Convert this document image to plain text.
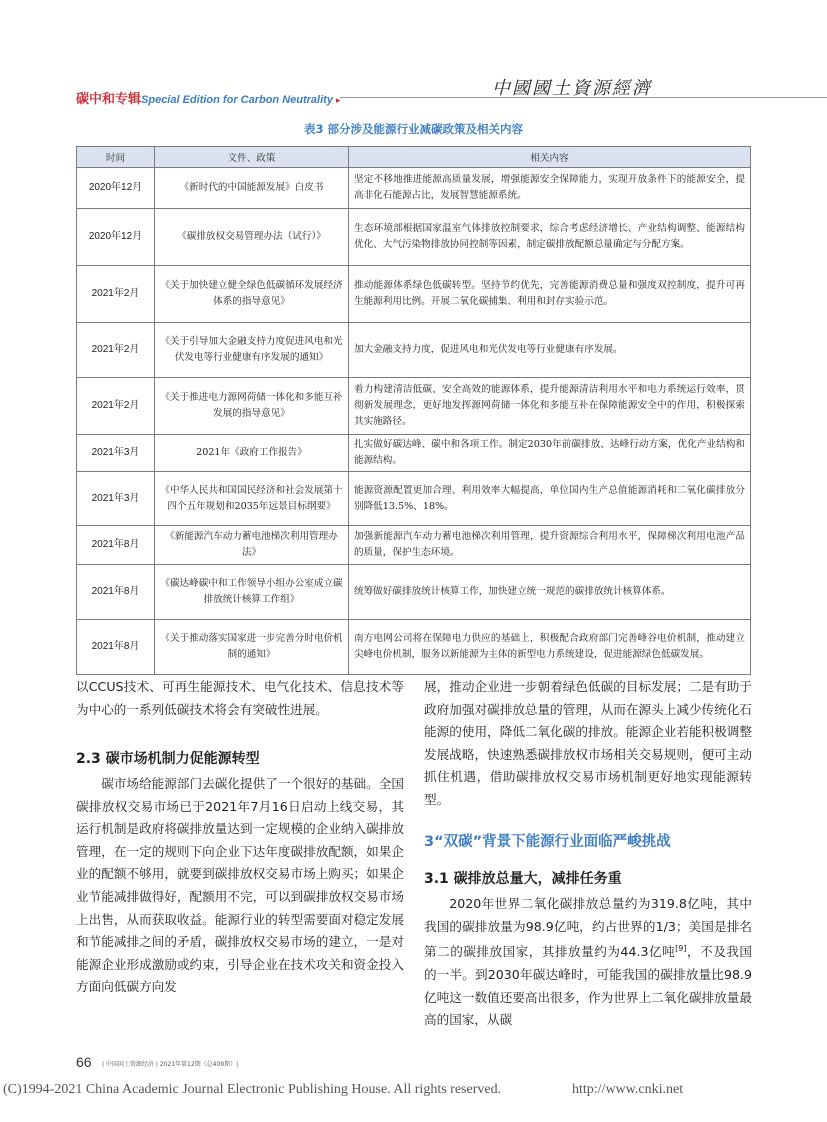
碳中和专辑Special Edition for Carbon Neutrality ▸
中國國土資源經濟
表3 部分涉及能源行业减碳政策及相关内容
时间	文件、政策	相关内容
2020年12月	《新时代的中国能源发展》白皮书	坚定不移地推进能源高质量发展，增强能源安全保障能力，实现开放条件下的能源安全，提高非化石能源占比，发展智慧能源系统。
2020年12月	《碳排放权交易管理办法（试行）》	生态环境部根据国家温室气体排放控制要求，综合考虑经济增长、产业结构调整、能源结构优化、大气污染物排放协同控制等因素，制定碳排放配额总量确定与分配方案。
2021年2月	《关于加快建立健全绿色低碳循环发展经济体系的指导意见》	推动能源体系绿色低碳转型。坚持节约优先，完善能源消费总量和强度双控制度，提升可再生能源利用比例。开展二氧化碳捕集、利用和封存实验示范。
2021年2月	《关于引导加大金融支持力度促进风电和光伏发电等行业健康有序发展的通知》	加大金融支持力度，促进风电和光伏发电等行业健康有序发展。
2021年2月	《关于推进电力源网荷储一体化和多能互补发展的指导意见》	着力构建清洁低碳、安全高效的能源体系，提升能源清洁利用水平和电力系统运行效率，贯彻新发展理念，更好地发挥源网荷储一体化和多能互补在保障能源安全中的作用，积极探索其实施路径。
2021年3月	2021年《政府工作报告》	扎实做好碳达峰、碳中和各项工作。制定2030年前碳排放、达峰行动方案，优化产业结构和能源结构。
2021年3月	《中华人民共和国国民经济和社会发展第十四个五年规划和2035年远景目标纲要》	能源资源配置更加合理、利用效率大幅提高，单位国内生产总值能源消耗和二氧化碳排放分别降低13.5%、18%。
2021年8月	《新能源汽车动力蓄电池梯次利用管理办法》	加强新能源汽车动力蓄电池梯次利用管理，提升资源综合利用水平，保障梯次利用电池产品的质量，保护生态环境。
2021年8月	《碳达峰碳中和工作领导小组办公室成立碳排放统计核算工作组》	统筹做好碳排放统计核算工作，加快建立统一规范的碳排放统计核算体系。
2021年8月	《关于推动落实国家进一步完善分时电价机制的通知》	南方电网公司将在保障电力供应的基础上，积极配合政府部门完善峰谷电价机制，推动建立尖峰电价机制，服务以新能源为主体的新型电力系统建设，促进能源绿色低碳发展。
以CCUS技术、可再生能源技术、电气化技术、信息技术等为中心的一系列低碳技术将会有突破性进展。
2.3 碳市场机制力促能源转型
碳市场给能源部门去碳化提供了一个很好的基础。全国碳排放权交易市场已于2021年7月16日启动上线交易，其运行机制是政府将碳排放量达到一定规模的企业纳入碳排放管理，在一定的规则下向企业下达年度碳排放配额，如果企业的配额不够用，就要到碳排放权交易市场上购买；如果企业节能减排做得好，配额用不完，可以到碳排放权交易市场上出售，从而获取收益。能源行业的转型需要面对稳定发展和节能减排之间的矛盾，碳排放权交易市场的建立，一是对能源企业形成激励或约束，引导企业在技术攻关和资金投入方面向低碳方向发
展，推动企业进一步朝着绿色低碳的目标发展；二是有助于政府加强对碳排放总量的管理，从而在源头上减少传统化石能源的使用，降低二氧化碳的排放。能源企业若能积极调整发展战略，快速熟悉碳排放权市场相关交易规则，便可主动抓住机遇，借助碳排放权交易市场机制更好地实现能源转型。
3“双碳”背景下能源行业面临严峻挑战
3.1 碳排放总量大，减排任务重
2020年世界二氧化碳排放总量约为319.8亿吨，其中我国的碳排放量为98.9亿吨，约占世界的1/3；美国是排名第二的碳排放国家，其排放量约为44.3亿吨[9]，不及我国的一半。到2030年碳达峰时，可能我国的碳排放量比98.9亿吨这一数值还要高出很多，作为世界上二氧化碳排放量最高的国家，从碳
66 | 中国国土资源经济 | 2021年第12期（总409期）|
(C)1994-2021 China Academic Journal Electronic Publishing House. All rights reserved.	http://www.cnki.net
